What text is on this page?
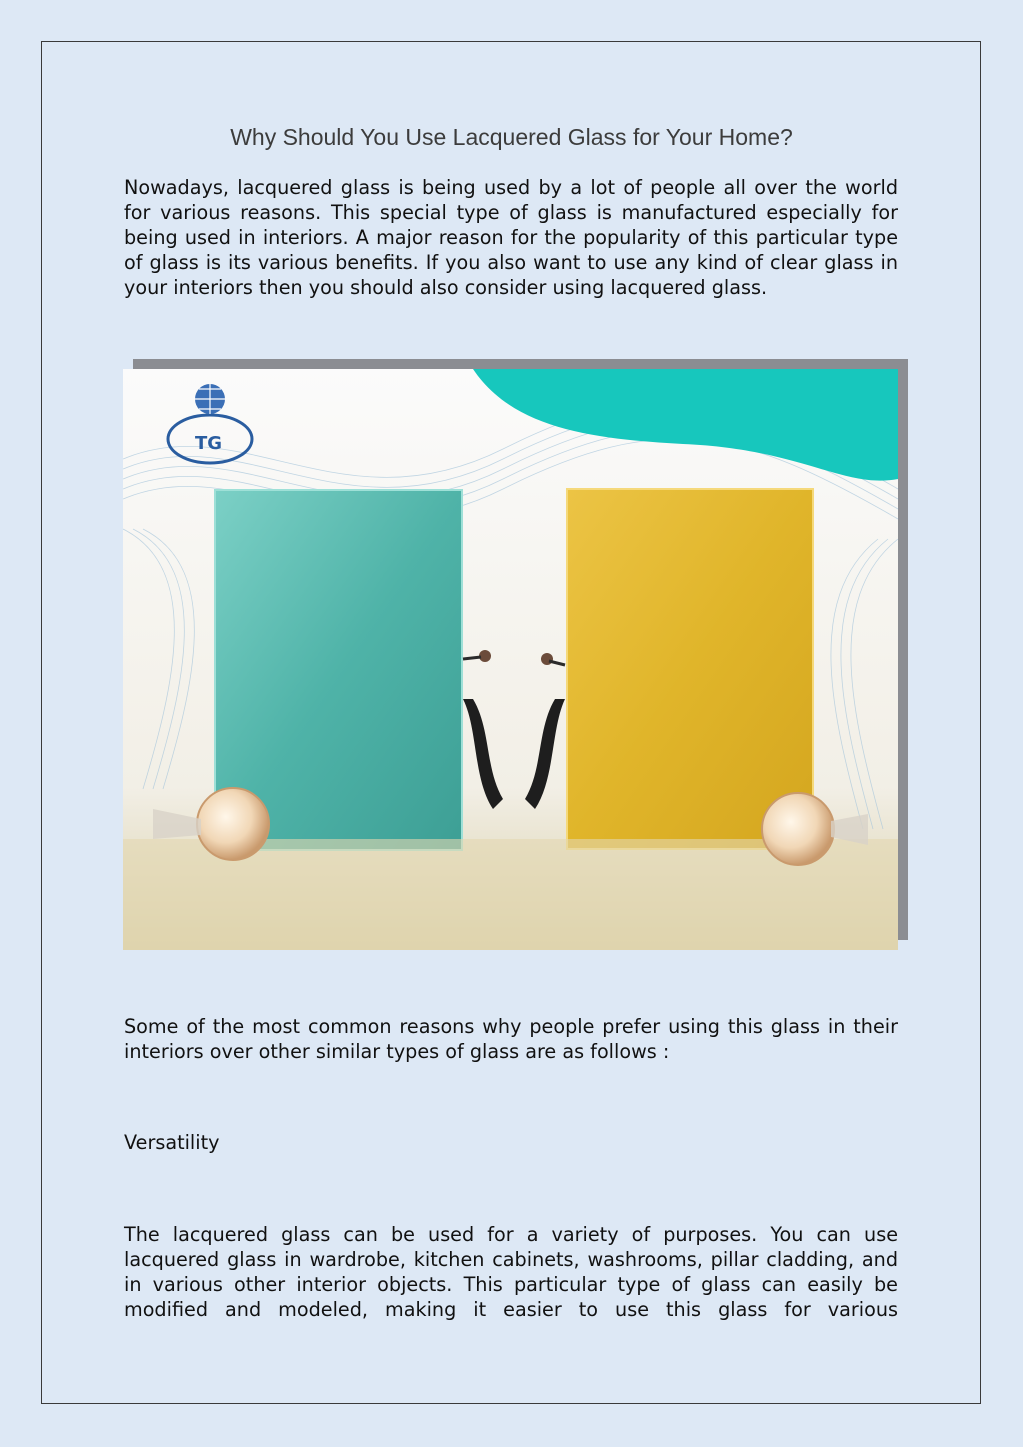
Why Should You Use Lacquered Glass for Your Home?

Nowadays, lacquered glass is being used by a lot of people all over the world for various reasons. This special type of glass is manufactured especially for being used in interiors. A major reason for the popularity of this particular type of glass is its various benefits. If you also want to use any kind of clear glass in your interiors then you should also consider using lacquered glass.

TG

Some of the most common reasons why people prefer using this glass in their interiors over other similar types of glass are as follows :

Versatility

The lacquered glass can be used for a variety of purposes. You can use lacquered glass in wardrobe, kitchen cabinets, washrooms, pillar cladding, and in various other interior objects. This particular type of glass can easily be modified and modeled, making it easier to use this glass for various
